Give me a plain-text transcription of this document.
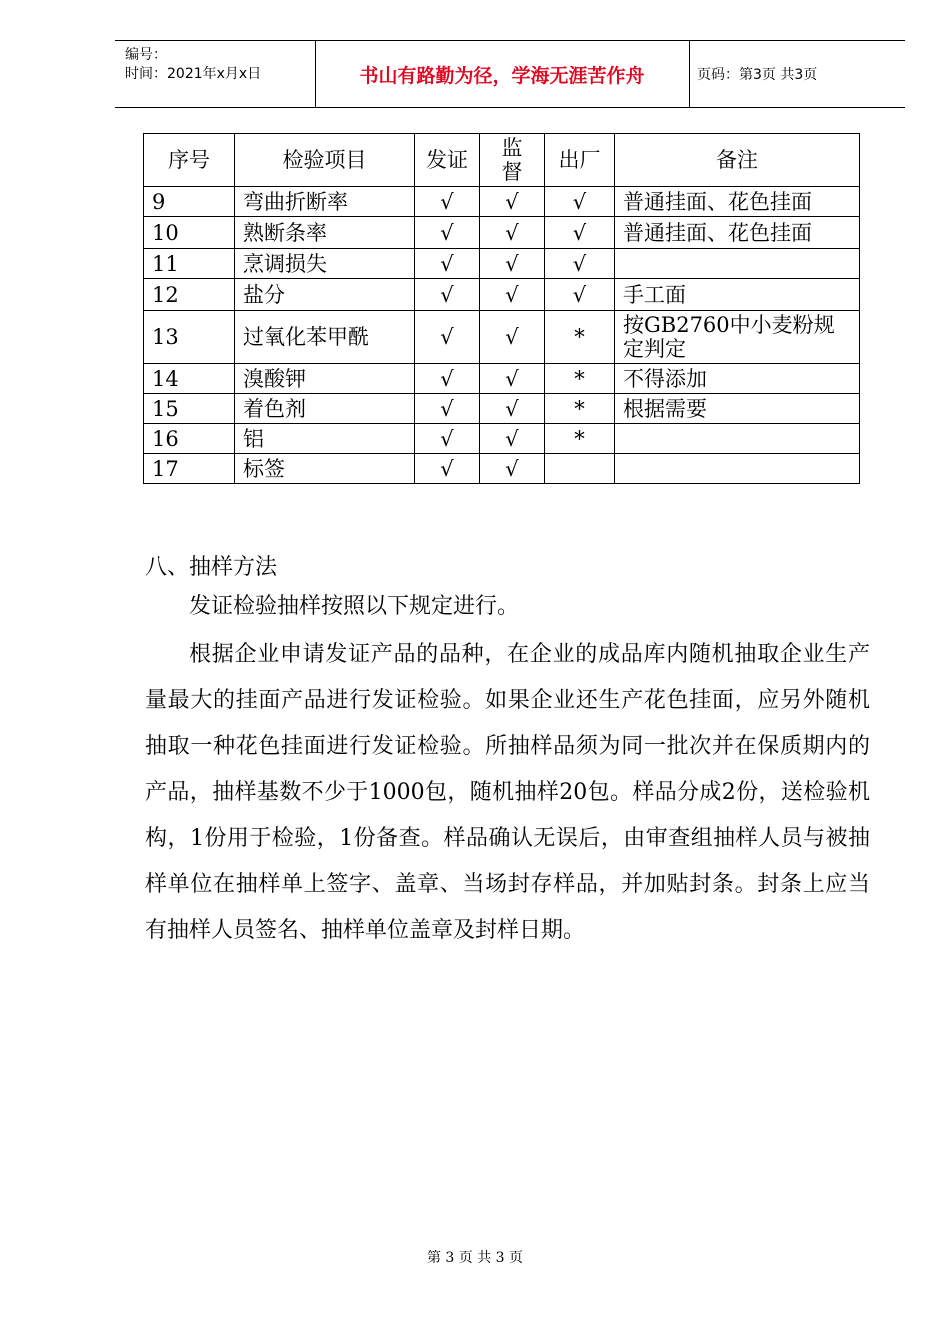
编号：
时间：2021年x月x日	书山有路勤为径，学海无涯苦作舟	页码：第3页 共3页
序号	检验项目	发证	监督	出厂	备注
9	弯曲折断率	√	√	√	普通挂面、花色挂面
10	熟断条率	√	√	√	普通挂面、花色挂面
11	烹调损失	√	√	√	
12	盐分	√	√	√	手工面
13	过氧化苯甲酰	√	√	*	按GB2760中小麦粉规定判定
14	溴酸钾	√	√	*	不得添加
15	着色剂	√	√	*	根据需要
16	铝	√	√	*	
17	标签	√	√		
八、抽样方法

发证检验抽样按照以下规定进行。

根据企业申请发证产品的品种，在企业的成品库内随机抽取企业生产量最大的挂面产品进行发证检验。如果企业还生产花色挂面，应另外随机抽取一种花色挂面进行发证检验。所抽样品须为同一批次并在保质期内的产品，抽样基数不少于1000包，随机抽样20包。样品分成2份，送检验机构，1份用于检验，1份备查。样品确认无误后，由审查组抽样人员与被抽样单位在抽样单上签字、盖章、当场封存样品，并加贴封条。封条上应当有抽样人员签名、抽样单位盖章及封样日期。

第 3 页 共 3 页
